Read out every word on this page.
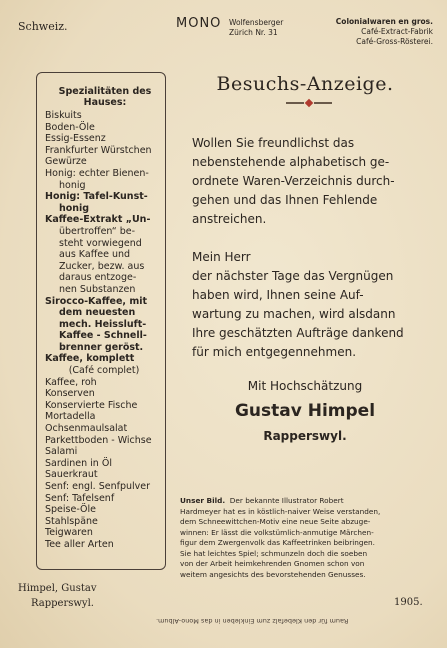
Schweiz.	MONO Wolfensberger
Zürich Nr. 31
Colonialwaren en gros.
Café-Extract-Fabrik
Café-Gross-Rösterei.
Spezialitäten des
Hauses:
Biskuits
Boden-Öle
Essig-Essenz
Frankfurter Würstchen
Gewürze
Honig: echter Bienen-
honig
Honig: Tafel-Kunst-
honig
Kaffee-Extrakt „Un-
übertroffen“ be-
steht vorwiegend
aus Kaffee und
Zucker, bezw. aus
daraus entzoge-
nen Substanzen
Sirocco-Kaffee, mit
dem neuesten
mech. Heissluft-
Kaffee - Schnell-
brenner geröst.
Kaffee, komplett
(Café complet)
Kaffee, roh
Konserven
Konservierte Fische
Mortadella
Ochsenmaulsalat
Parkettboden - Wichse
Salami
Sardinen in Öl
Sauerkraut
Senf: engl. Senfpulver
Senf: Tafelsenf
Speise-Öle
Stahlspäne
Teigwaren
Tee aller Arten
Besuchs-Anzeige.
Wollen Sie freundlichst das
nebenstehende alphabetisch ge-
ordnete Waren-Verzeichnis durch-
gehen und das Ihnen Fehlende
anstreichen.
Mein Herr
der nächster Tage das Vergnügen
haben wird, Ihnen seine Auf-
wartung zu machen, wird alsdann
Ihre geschätzten Aufträge dankend
für mich entgegennehmen.
Mit Hochschätzung
Gustav Himpel
Rapperswyl.
Unser Bild. Der bekannte Illustrator Robert
Hardmeyer hat es in köstlich-naiver Weise verstanden,
dem Schneewittchen-Motiv eine neue Seite abzuge-
winnen: Er lässt die volkstümlich-anmutige Märchen-
figur dem Zwergenvolk das Kaffeetrinken beibringen.
Sie hat leichtes Spiel; schmunzeln doch die soeben
von der Arbeit heimkehrenden Gnomen schon von
weitem angesichts des bevorstehenden Genusses.
Himpel, Gustav
Rapperswyl.	1905.
Raum für den Klebefalz zum Einkleben in das Mono-Album.
